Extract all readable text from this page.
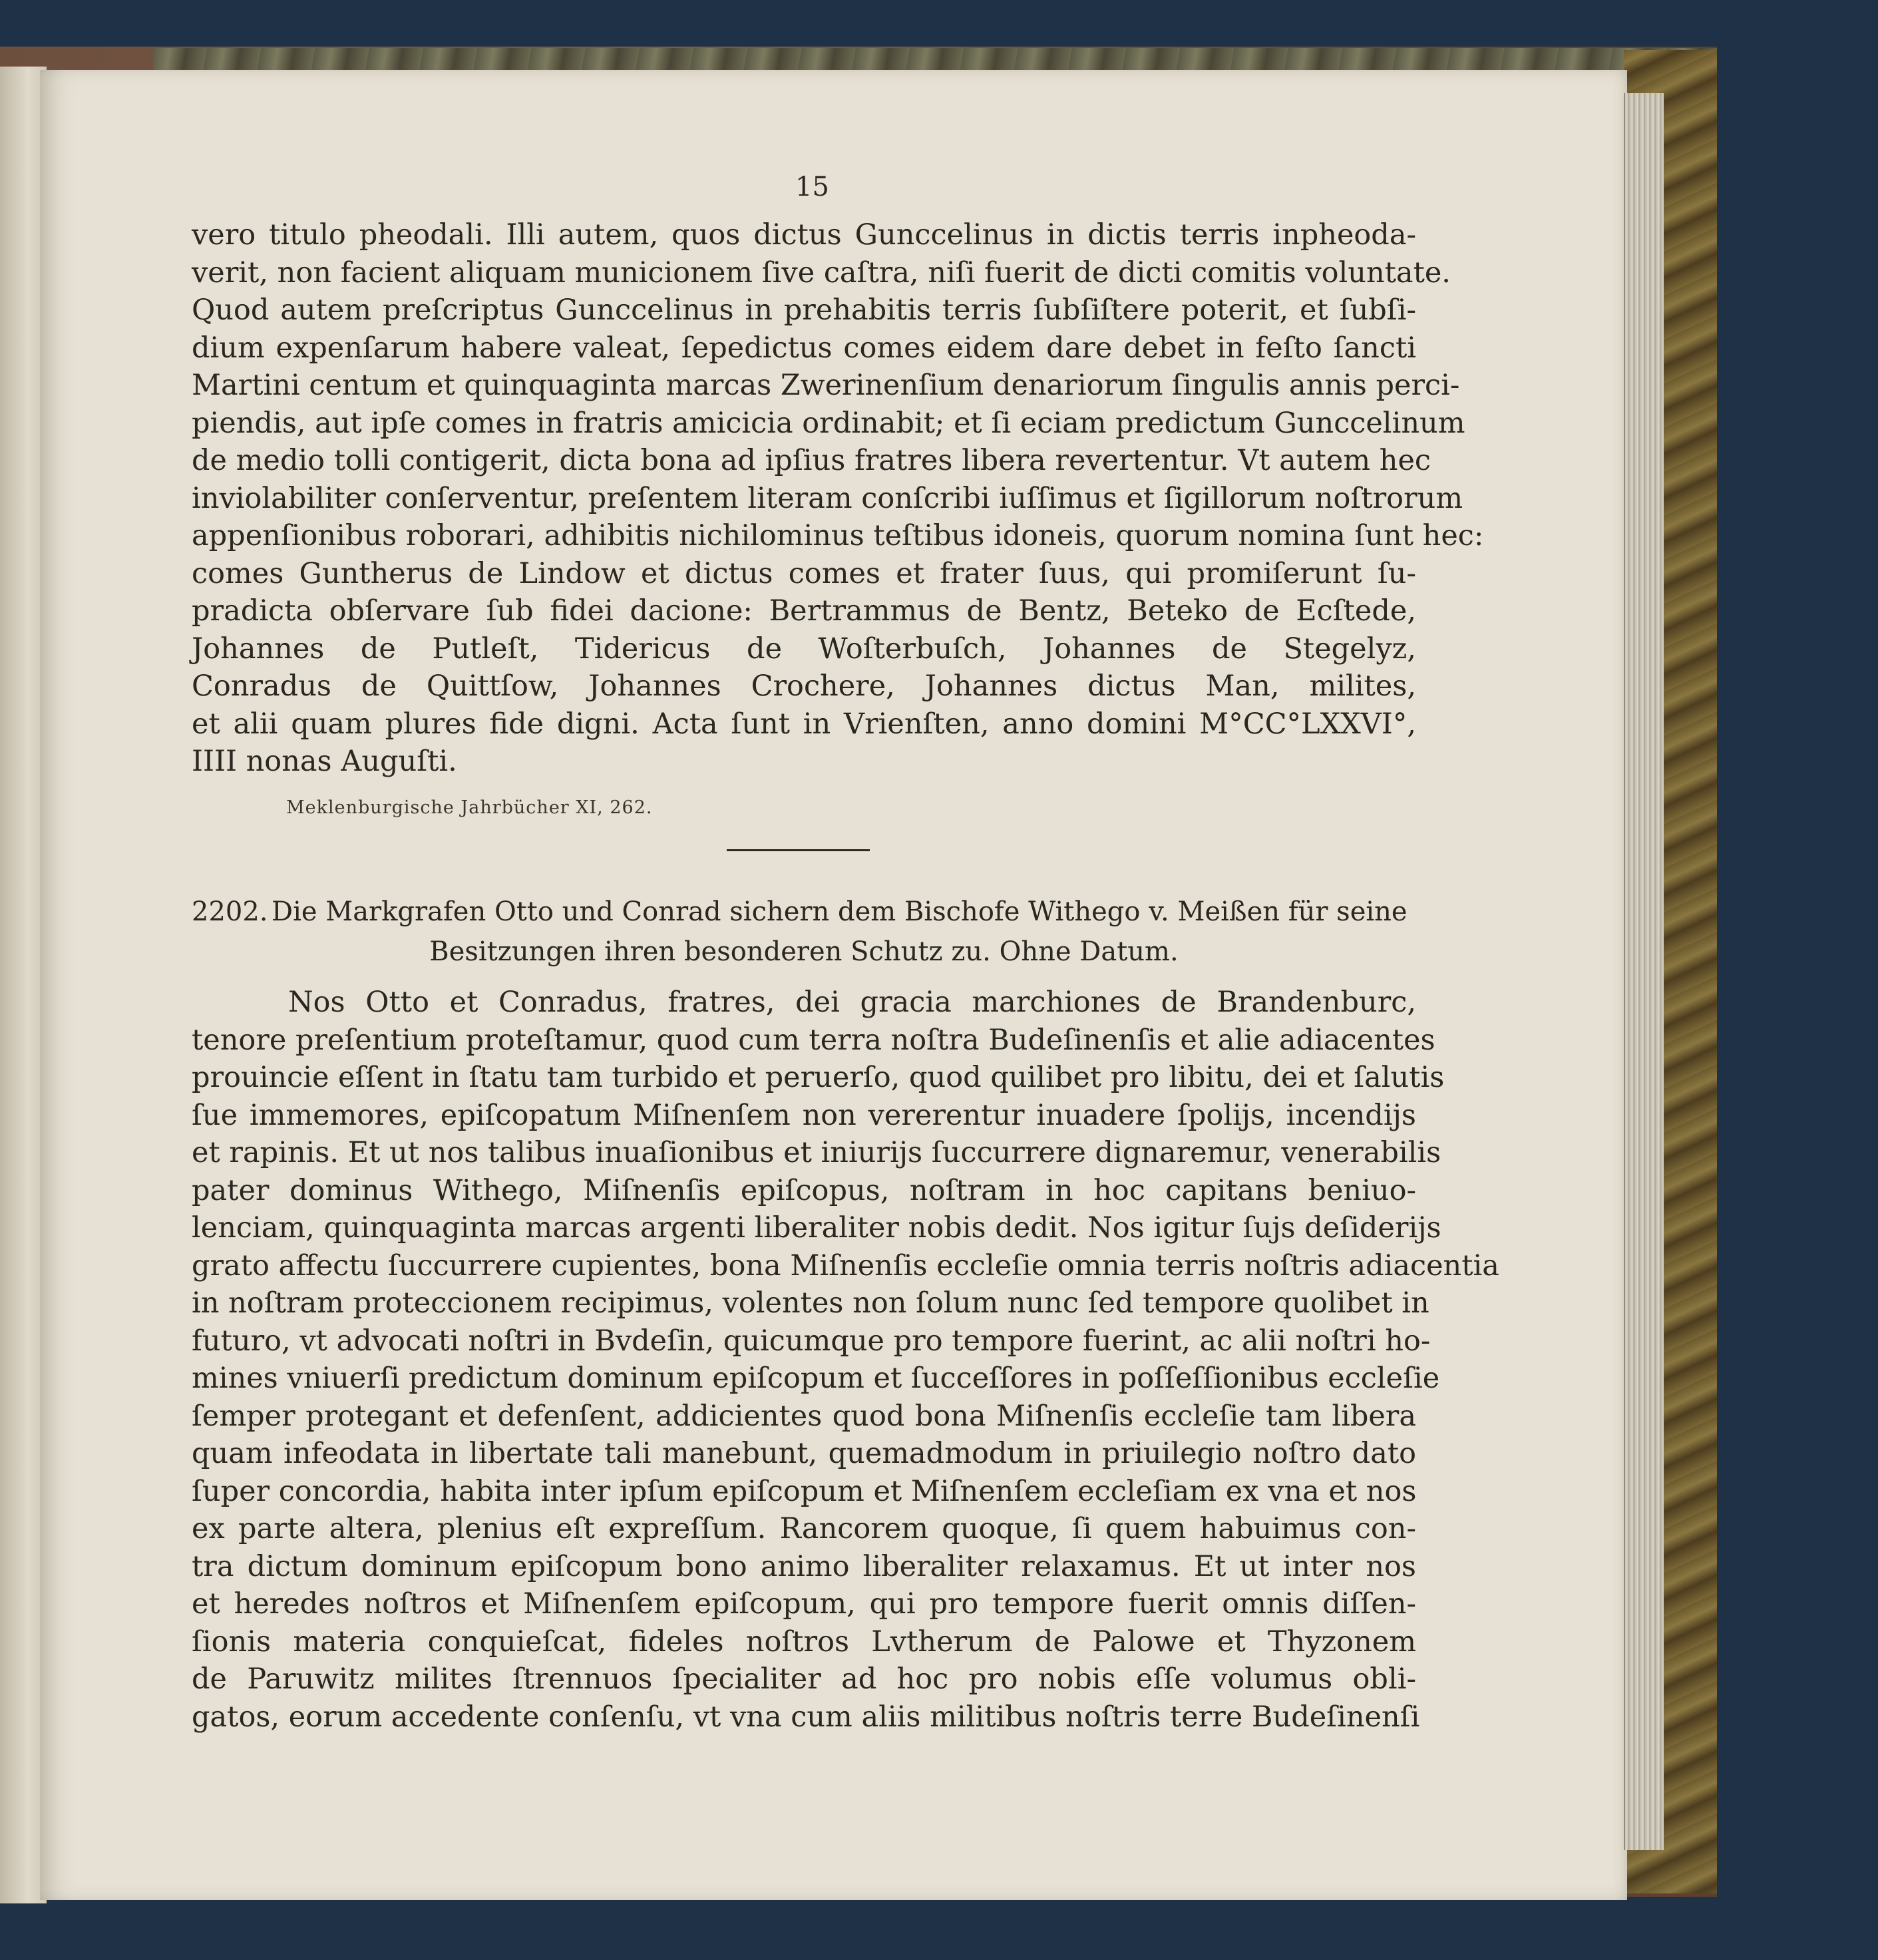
15
vero titulo pheodali. Illi autem, quos dictus Gunccelinus in dictis terris inpheoda-
verit, non facient aliquam municionem ſive caſtra, niſi fuerit de dicti comitis voluntate.
Quod autem preſcriptus Gunccelinus in prehabitis terris ſubſiſtere poterit, et ſubſi-
dium expenſarum habere valeat, ſepedictus comes eidem dare debet in feſto ſancti
Martini centum et quinquaginta marcas Zwerinenſium denariorum ſingulis annis perci-
piendis, aut ipſe comes in fratris amicicia ordinabit; et ſi eciam predictum Gunccelinum
de medio tolli contigerit, dicta bona ad ipſius fratres libera revertentur. Vt autem hec
inviolabiliter conſerventur, preſentem literam conſcribi iuſſimus et ſigillorum noſtrorum
appenſionibus roborari, adhibitis nichilominus teſtibus idoneis, quorum nomina ſunt hec:
comes Guntherus de Lindow et dictus comes et frater ſuus, qui promiſerunt ſu-
pradicta obſervare ſub fidei dacione: Bertrammus de Bentz, Beteko de Ecſtede,
Johannes de Putleſt, Tidericus de Woſterbuſch, Johannes de Stegelyz,
Conradus de Quittſow, Johannes Crochere, Johannes dictus Man, milites,
et alii quam plures fide digni. Acta ſunt in Vrienſten, anno domini M°CC°LXXVI°,
IIII nonas Auguſti.
Meklenburgische Jahrbücher XI, 262.
2202. Die Markgrafen Otto und Conrad sichern dem Bischofe Withego v. Meißen für seine
Besitzungen ihren besonderen Schutz zu. Ohne Datum.
Nos Otto et Conradus, fratres, dei gracia marchiones de Brandenburc,
tenore preſentium proteſtamur, quod cum terra noſtra Budeſinenſis et alie adiacentes
prouincie eſſent in ſtatu tam turbido et peruerſo, quod quilibet pro libitu, dei et ſalutis
ſue immemores, epiſcopatum Miſnenſem non vererentur inuadere ſpolijs, incendijs
et rapinis. Et ut nos talibus inuaſionibus et iniurijs ſuccurrere dignaremur, venerabilis
pater dominus Withego, Miſnenſis epiſcopus, noſtram in hoc capitans beniuo-
lenciam, quinquaginta marcas argenti liberaliter nobis dedit. Nos igitur ſujs deſiderijs
grato affectu ſuccurrere cupientes, bona Miſnenſis eccleſie omnia terris noſtris adiacentia
in noſtram proteccionem recipimus, volentes non ſolum nunc ſed tempore quolibet in
futuro, vt advocati noſtri in Bvdeſin, quicumque pro tempore fuerint, ac alii noſtri ho-
mines vniuerſi predictum dominum epiſcopum et ſucceſſores in poſſeſſionibus eccleſie
ſemper protegant et defenſent, addicientes quod bona Miſnenſis eccleſie tam libera
quam infeodata in libertate tali manebunt, quemadmodum in priuilegio noſtro dato
ſuper concordia, habita inter ipſum epiſcopum et Miſnenſem eccleſiam ex vna et nos
ex parte altera, plenius eſt expreſſum. Rancorem quoque, ſi quem habuimus con-
tra dictum dominum epiſcopum bono animo liberaliter relaxamus. Et ut inter nos
et heredes noſtros et Miſnenſem epiſcopum, qui pro tempore fuerit omnis diſſen-
ſionis materia conquieſcat, fideles noſtros Lvtherum de Palowe et Thyzonem
de Paruwitz milites ſtrennuos ſpecialiter ad hoc pro nobis eſſe volumus obli-
gatos, eorum accedente conſenſu, vt vna cum aliis militibus noſtris terre Budeſinenſi
